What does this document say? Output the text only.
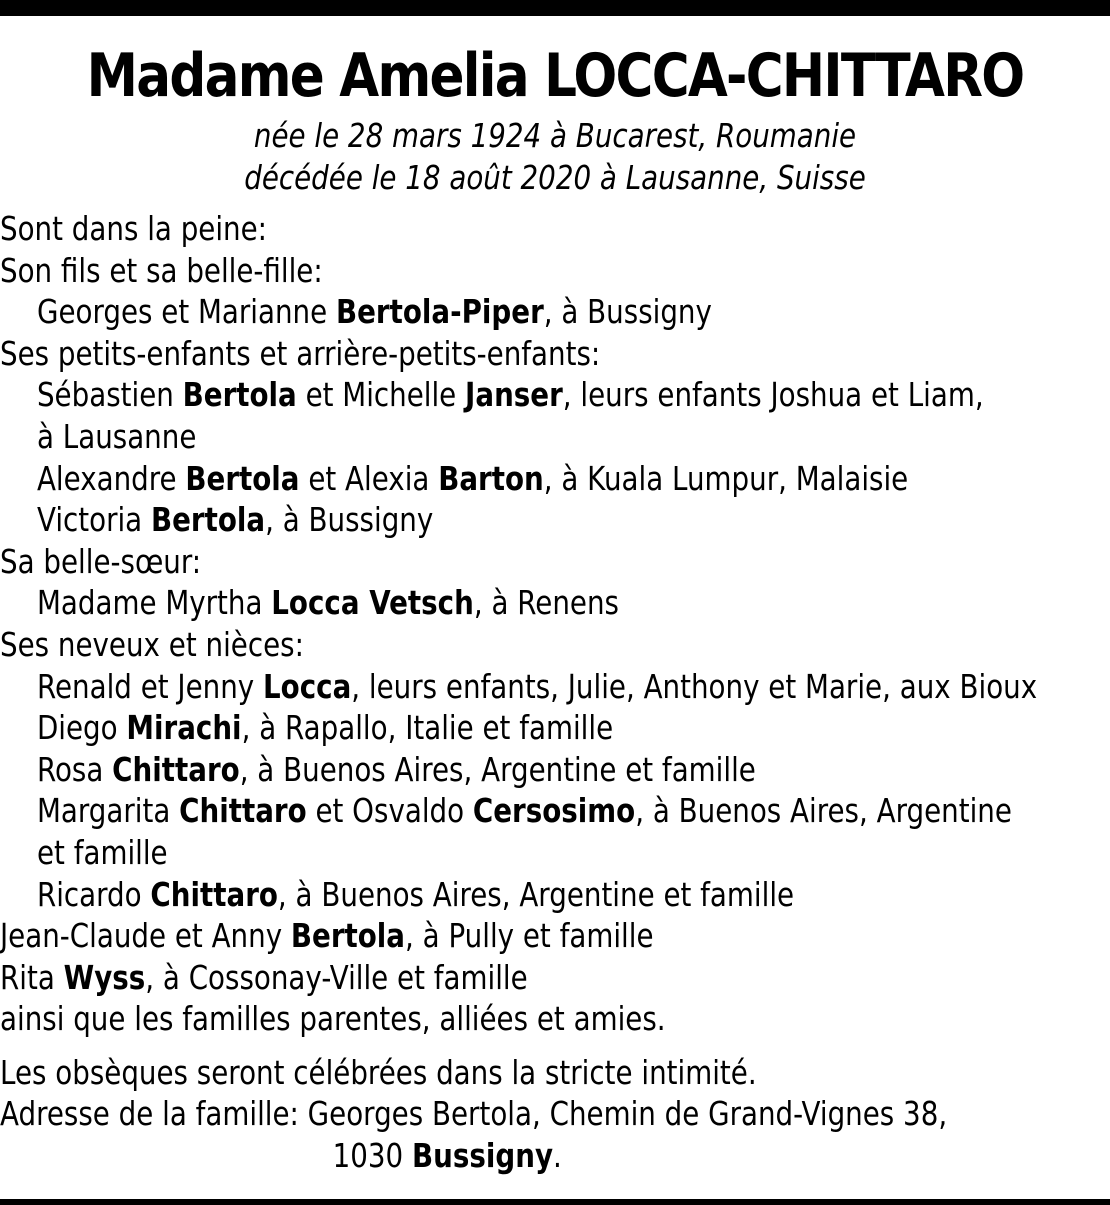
Madame Amelia LOCCA-CHITTARO
née le 28 mars 1924 à Bucarest, Roumanie
décédée le 18 août 2020 à Lausanne, Suisse
Sont dans la peine:
Son fils et sa belle-fille:
Georges et Marianne Bertola-Piper, à Bussigny
Ses petits-enfants et arrière-petits-enfants:
Sébastien Bertola et Michelle Janser, leurs enfants Joshua et Liam,
à Lausanne
Alexandre Bertola et Alexia Barton, à Kuala Lumpur, Malaisie
Victoria Bertola, à Bussigny
Sa belle-sœur:
Madame Myrtha Locca Vetsch, à Renens
Ses neveux et nièces:
Renald et Jenny Locca, leurs enfants, Julie, Anthony et Marie, aux Bioux
Diego Mirachi, à Rapallo, Italie et famille
Rosa Chittaro, à Buenos Aires, Argentine et famille
Margarita Chittaro et Osvaldo Cersosimo, à Buenos Aires, Argentine
et famille
Ricardo Chittaro, à Buenos Aires, Argentine et famille
Jean-Claude et Anny Bertola, à Pully et famille
Rita Wyss, à Cossonay-Ville et famille
ainsi que les familles parentes, alliées et amies.
Les obsèques seront célébrées dans la stricte intimité.
Adresse de la famille: Georges Bertola, Chemin de Grand-Vignes 38,
1030 Bussigny.
